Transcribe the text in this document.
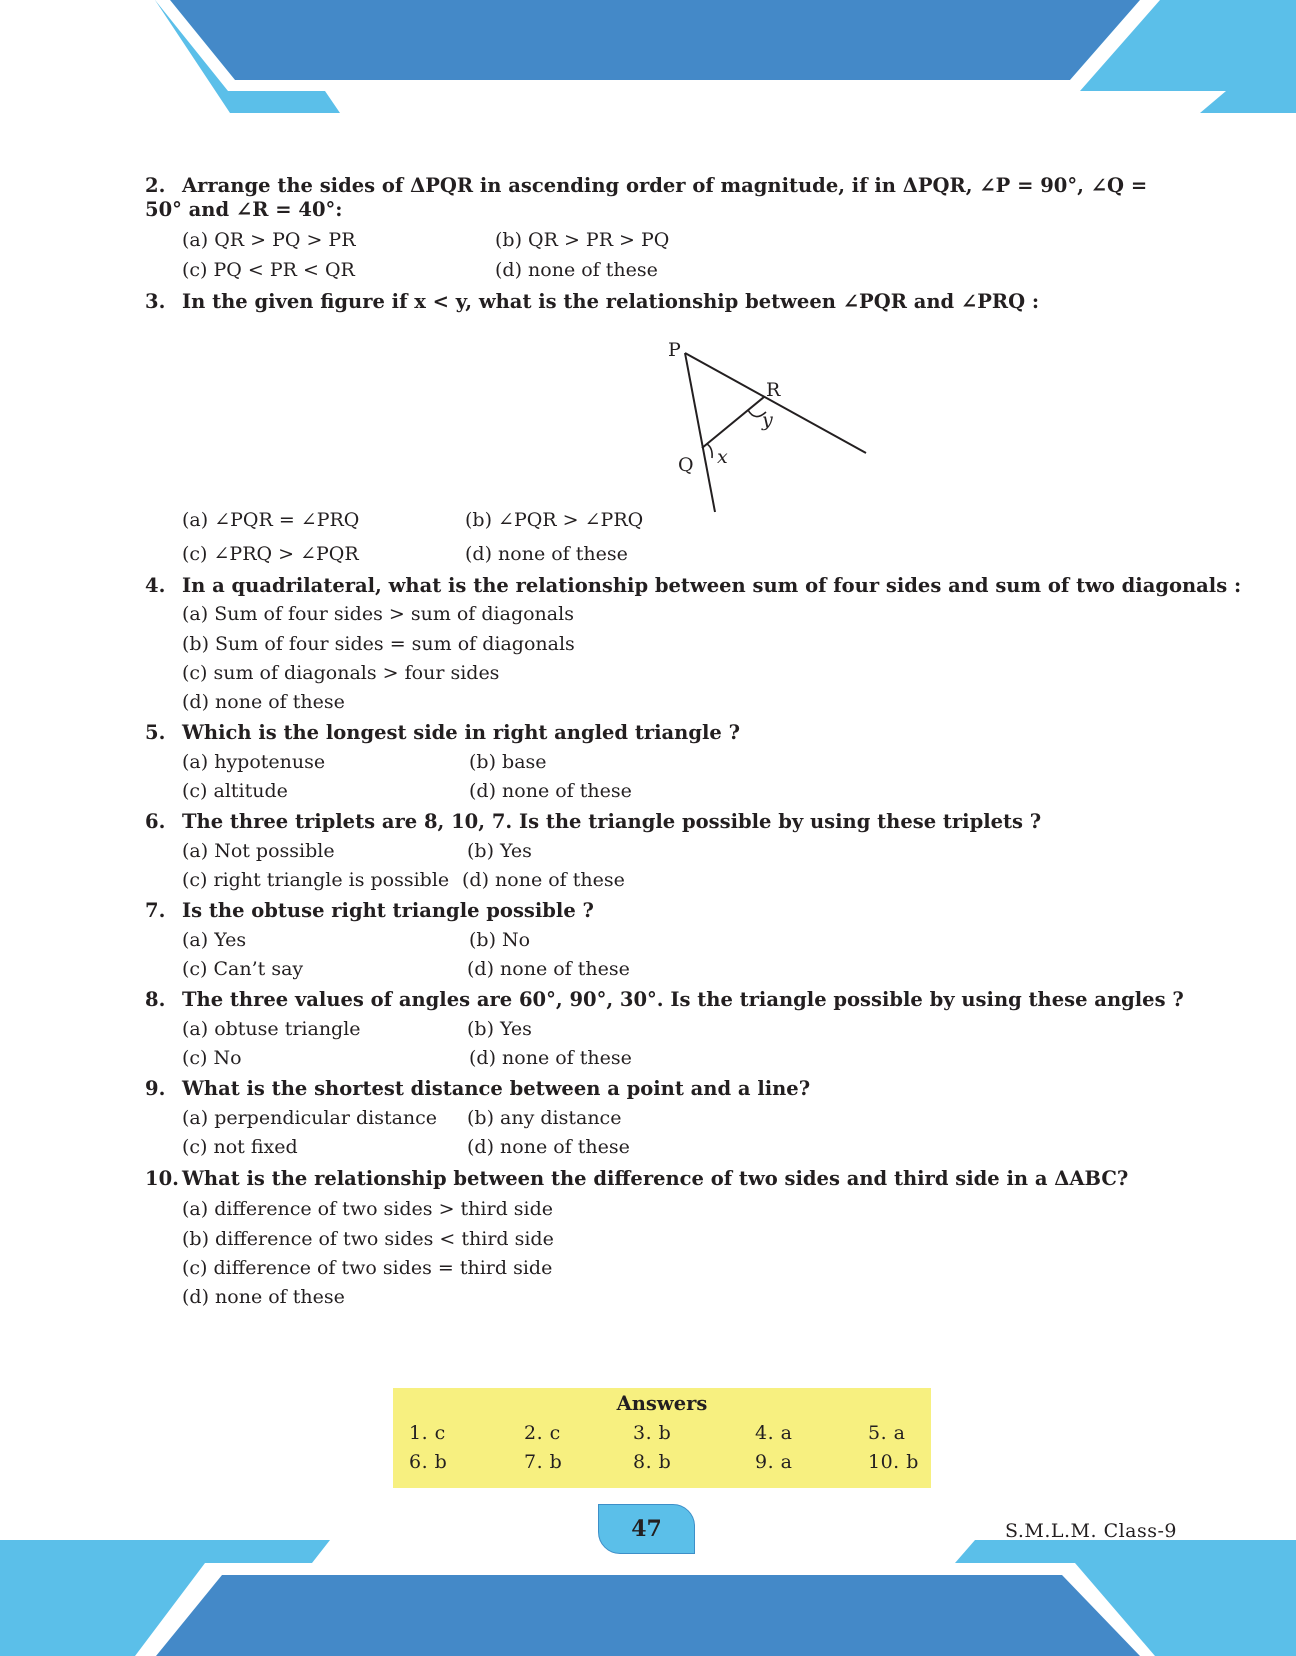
2. Arrange the sides of ΔPQR in ascending order of magnitude, if in ΔPQR, ∠P = 90°, ∠Q = 50° and ∠R = 40°:
(a) QR > PQ > PR	(b) QR > PR > PQ
(c) PQ < PR < QR	(d) none of these
3. In the given figure if x < y, what is the relationship between ∠PQR and ∠PRQ :
P
R
y
Q x
(a) ∠PQR = ∠PRQ	(b) ∠PQR > ∠PRQ
(c) ∠PRQ > ∠PQR	(d) none of these
4. In a quadrilateral, what is the relationship between sum of four sides and sum of two diagonals :
(a) Sum of four sides > sum of diagonals
(b) Sum of four sides = sum of diagonals
(c) sum of diagonals > four sides
(d) none of these
5. Which is the longest side in right angled triangle ?
(a) hypotenuse	(b) base
(c) altitude	(d) none of these
6. The three triplets are 8, 10, 7. Is the triangle possible by using these triplets ?
(a) Not possible	(b) Yes
(c) right triangle is possible (d) none of these
7. Is the obtuse right triangle possible ?
(a) Yes	(b) No
(c) Can’t say	(d) none of these
8. The three values of angles are 60°, 90°, 30°. Is the triangle possible by using these angles ?
(a) obtuse triangle	(b) Yes
(c) No	(d) none of these
9. What is the shortest distance between a point and a line?
(a) perpendicular distance (b) any distance
(c) not fixed	(d) none of these
10. What is the relationship between the difference of two sides and third side in a ΔABC?
(a) difference of two sides > third side
(b) difference of two sides < third side
(c) difference of two sides = third side
(d) none of these
Answers
1. c	2. c	3. b	4. a	5. a
6. b	7. b	8. b	9. a	10. b
47	S.M.L.M. Class-9
